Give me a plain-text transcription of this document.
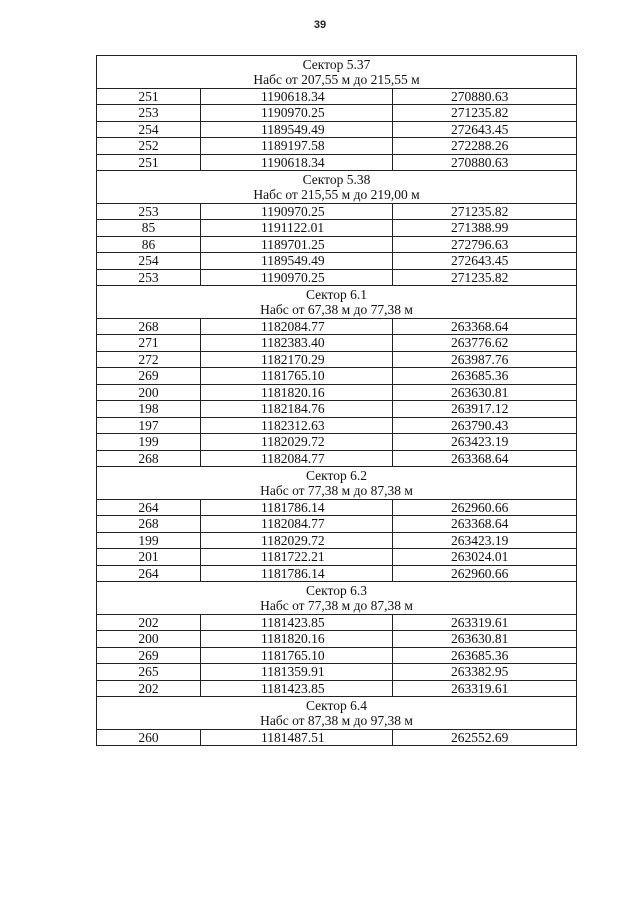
39
Сектор 5.37		
Набс от 207,55 м до 215,55 м		
251	1190618.34	270880.63
253	1190970.25	271235.82
254	1189549.49	272643.45
252	1189197.58	272288.26
251	1190618.34	270880.63
Сектор 5.38		
Набс от 215,55 м до 219,00 м		
253	1190970.25	271235.82
85	1191122.01	271388.99
86	1189701.25	272796.63
254	1189549.49	272643.45
253	1190970.25	271235.82
Сектор 6.1		
Набс от 67,38 м до 77,38 м		
268	1182084.77	263368.64
271	1182383.40	263776.62
272	1182170.29	263987.76
269	1181765.10	263685.36
200	1181820.16	263630.81
198	1182184.76	263917.12
197	1182312.63	263790.43
199	1182029.72	263423.19
268	1182084.77	263368.64
Сектор 6.2		
Набс от 77,38 м до 87,38 м		
264	1181786.14	262960.66
268	1182084.77	263368.64
199	1182029.72	263423.19
201	1181722.21	263024.01
264	1181786.14	262960.66
Сектор 6.3		
Набс от 77,38 м до 87,38 м		
202	1181423.85	263319.61
200	1181820.16	263630.81
269	1181765.10	263685.36
265	1181359.91	263382.95
202	1181423.85	263319.61
Сектор 6.4		
Набс от 87,38 м до 97,38 м		
260	1181487.51	262552.69
